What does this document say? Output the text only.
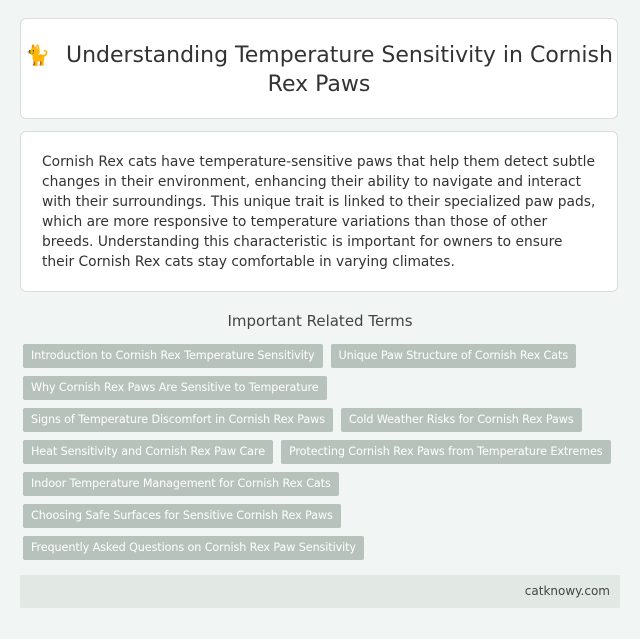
🐈 Understanding Temperature Sensitivity in Cornish Rex Paws
Cornish Rex cats have temperature-sensitive paws that help them detect subtle changes in their environment, enhancing their ability to navigate and interact with their surroundings. This unique trait is linked to their specialized paw pads, which are more responsive to temperature variations than those of other breeds. Understanding this characteristic is important for owners to ensure their Cornish Rex cats stay comfortable in varying climates.
Important Related Terms
Introduction to Cornish Rex Temperature Sensitivity	Unique Paw Structure of Cornish Rex Cats
Why Cornish Rex Paws Are Sensitive to Temperature
Signs of Temperature Discomfort in Cornish Rex Paws	Cold Weather Risks for Cornish Rex Paws
Heat Sensitivity and Cornish Rex Paw Care	Protecting Cornish Rex Paws from Temperature Extremes
Indoor Temperature Management for Cornish Rex Cats
Choosing Safe Surfaces for Sensitive Cornish Rex Paws
Frequently Asked Questions on Cornish Rex Paw Sensitivity
catknowy.com
